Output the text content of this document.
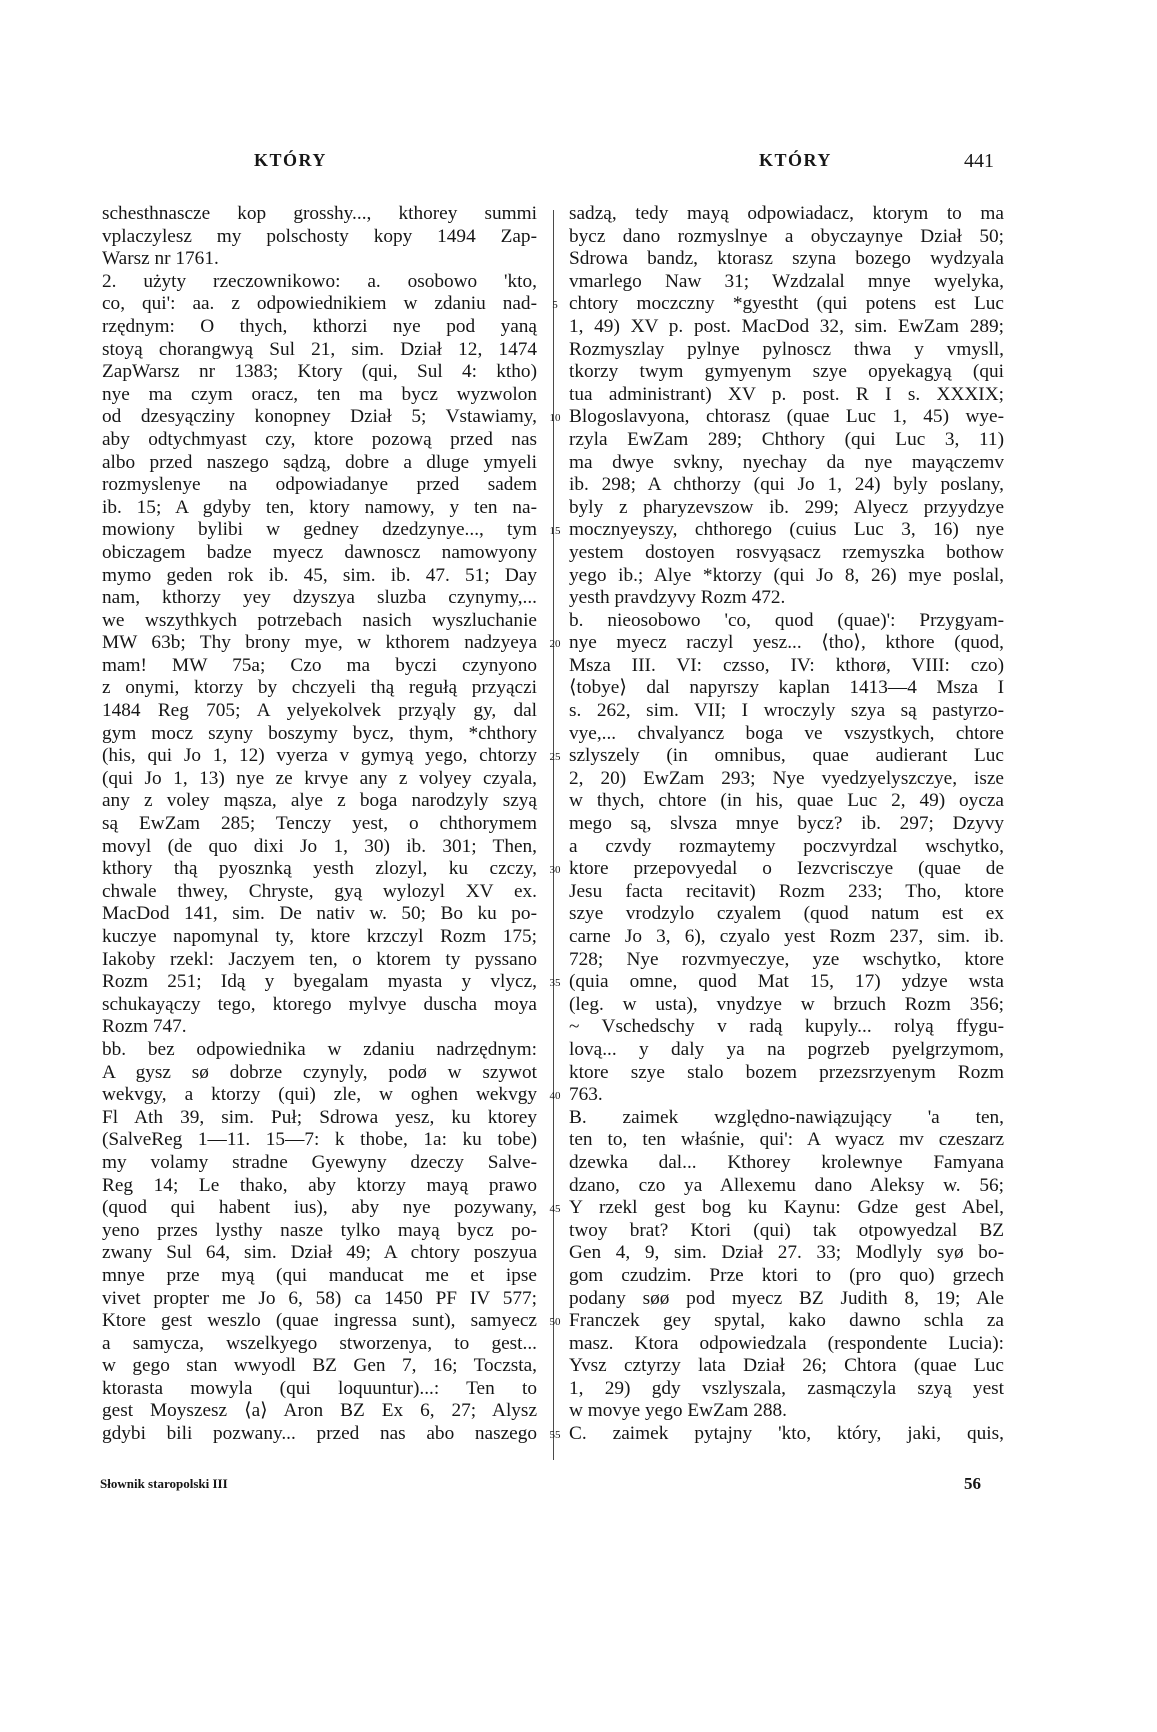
KTÓRY	KTÓRY	441
schesthnascze kop grosshy..., kthorey summi
vplaczylesz my polschosty kopy 1494 Zap-
Warsz nr 1761.
2. użyty rzeczownikowo: a. osobowo 'kto,
co, qui': aa. z odpowiednikiem w zdaniu nad-
rzędnym: O thych, kthorzi nye pod yaną
stoyą chorangwyą Sul 21, sim. Dział 12, 1474
ZapWarsz nr 1383; Ktory (qui, Sul 4: ktho)
nye ma czym oracz, ten ma bycz wyzwolon
od dzesyącziny konopney Dział 5; Vstawiamy,
aby odtychmyast czy, ktore pozową przed nas
albo przed naszego sądzą, dobre a dluge ymyeli
rozmyslenye na odpowiadanye przed sadem
ib. 15; A gdyby ten, ktory namowy, y ten na-
mowiony bylibi w gedney dzedzynye..., tym
obiczagem badze myecz dawnoscz namowyony
mymo geden rok ib. 45, sim. ib. 47. 51; Day
nam, kthorzy yey dzyszya sluzba czynymy,...
we wszythkych potrzebach nasich wyszluchanie
MW 63b; Thy brony mye, w kthorem nadzyeya
mam! MW 75a; Czo ma byczi czynyono
z onymi, ktorzy by chczyeli thą regułą przyączi
1484 Reg 705; A yelyekolvek przyąly gy, dal
gym mocz szyny boszymy bycz, thym, *chthory
(his, qui Jo 1, 12) vyerza v gymyą yego, chtorzy
(qui Jo 1, 13) nye ze krvye any z volyey czyala,
any z voley mąsza, alye z boga narodzyly szyą
są EwZam 285; Tenczy yest, o chthorymem
movyl (de quo dixi Jo 1, 30) ib. 301; Then,
kthory thą pyosznką yesth zlozyl, ku czczy,
chwale thwey, Chryste, gyą wylozyl XV ex.
MacDod 141, sim. De nativ w. 50; Bo ku po-
kuczye napomynal ty, ktore krzczyl Rozm 175;
Iakoby rzekl: Jaczyem ten, o ktorem ty pyssano
Rozm 251; Idą y byegalam myasta y vlycz,
schukayączy tego, ktorego mylvye duscha moya
Rozm 747.
bb. bez odpowiednika w zdaniu nadrzędnym:
A gysz sø dobrze czynyly, podø w szywot
wekvgy, a ktorzy (qui) zle, w oghen wekvgy
Fl Ath 39, sim. Puł; Sdrowa yesz, ku ktorey
(SalveReg 1—11. 15—7: k thobe, 1a: ku tobe)
my volamy stradne Gyewyny dzeczy Salve-
Reg 14; Le thako, aby ktorzy mayą prawo
(quod qui habent ius), aby nye pozywany,
yeno przes lysthy nasze tylko mayą bycz po-
zwany Sul 64, sim. Dział 49; A chtory poszyua
mnye prze myą (qui manducat me et ipse
vivet propter me Jo 6, 58) ca 1450 PF IV 577;
Ktore gest weszlo (quae ingressa sunt), samyecz
a samycza, wszelkyego stworzenya, to gest...
w gego stan wwyodl BZ Gen 7, 16; Toczsta,
ktorasta mowyla (qui loquuntur)...: Ten to
gest Moyszesz ⟨a⟩ Aron BZ Ex 6, 27; Alysz
gdybi bili pozwany... przed nas abo naszego
5
10
15
20
25
30
35
40
45
50
55
sadzą, tedy mayą odpowiadacz, ktorym to ma
bycz dano rozmyslnye a obyczaynye Dział 50;
Sdrowa bandz, ktorasz szyna bozego wydzyala
vmarlego Naw 31; Wzdzalal mnye wyelyka,
chtory moczczny *gyestht (qui potens est Luc
1, 49) XV p. post. MacDod 32, sim. EwZam 289;
Rozmyszlay pylnye pylnoscz thwa y vmysll,
tkorzy twym gymyenym szye opyekagyą (qui
tua administrant) XV p. post. R I s. XXXIX;
Blogoslavyona, chtorasz (quae Luc 1, 45) wye-
rzyla EwZam 289; Chthory (qui Luc 3, 11)
ma dwye svkny, nyechay da nye mayączemv
ib. 298; A chthorzy (qui Jo 1, 24) byly poslany,
byly z pharyzevszow ib. 299; Alyecz przyydzye
mocznyeyszy, chthorego (cuius Luc 3, 16) nye
yestem dostoyen rosvyąsacz rzemyszka bothow
yego ib.; Alye *ktorzy (qui Jo 8, 26) mye poslal,
yesth pravdzyvy Rozm 472.
b. nieosobowo 'co, quod (quae)': Przygyam-
nye myecz raczyl yesz... ⟨tho⟩, kthore (quod,
Msza III. VI: czsso, IV: kthorø, VIII: czo)
⟨tobye⟩ dal napyrszy kaplan 1413—4 Msza I
s. 262, sim. VII; I wroczyly szya są pastyrzo-
vye,... chvalyancz boga ve vszystkych, chtore
szlyszely (in omnibus, quae audierant Luc
2, 20) EwZam 293; Nye vyedzyelyszczye, isze
w thych, chtore (in his, quae Luc 2, 49) oycza
mego są, slvsza mnye bycz? ib. 297; Dzyvy
a czvdy rozmaytemy poczvyrdzal wschytko,
ktore przepovyedal o Iezvcrisczye (quae de
Jesu facta recitavit) Rozm 233; Tho, ktore
szye vrodzylo czyalem (quod natum est ex
carne Jo 3, 6), czyalo yest Rozm 237, sim. ib.
728; Nye rozvmyeczye, yze wschytko, ktore
(quia omne, quod Mat 15, 17) ydzye wsta
(leg. w usta), vnydzye w brzuch Rozm 356;
~ Vschedschy v radą kupyly... rolyą ffygu-
lovą... y daly ya na pogrzeb pyelgrzymom,
ktore szye stalo bozem przezsrzyenym Rozm
763.
B. zaimek względno-nawiązujący 'a ten,
ten to, ten właśnie, qui': A wyacz mv czeszarz
dzewka dal... Kthorey krolewnye Famyana
dzano, czo ya Allexemu dano Aleksy w. 56;
Y rzekl gest bog ku Kaynu: Gdze gest Abel,
twoy brat? Ktori (qui) tak otpowyedzal BZ
Gen 4, 9, sim. Dział 27. 33; Modlyly syø bo-
gom czudzim. Prze ktori to (pro quo) grzech
podany søø pod myecz BZ Judith 8, 19; Ale
Franczek gey spytal, kako dawno schla za
masz. Ktora odpowiedzala (respondente Lucia):
Yvsz cztyrzy lata Dział 26; Chtora (quae Luc
1, 29) gdy vszlyszala, zasmączyla szyą yest
w movye yego EwZam 288.
C. zaimek pytajny 'kto, który, jaki, quis,
Słownik staropolski III	56
